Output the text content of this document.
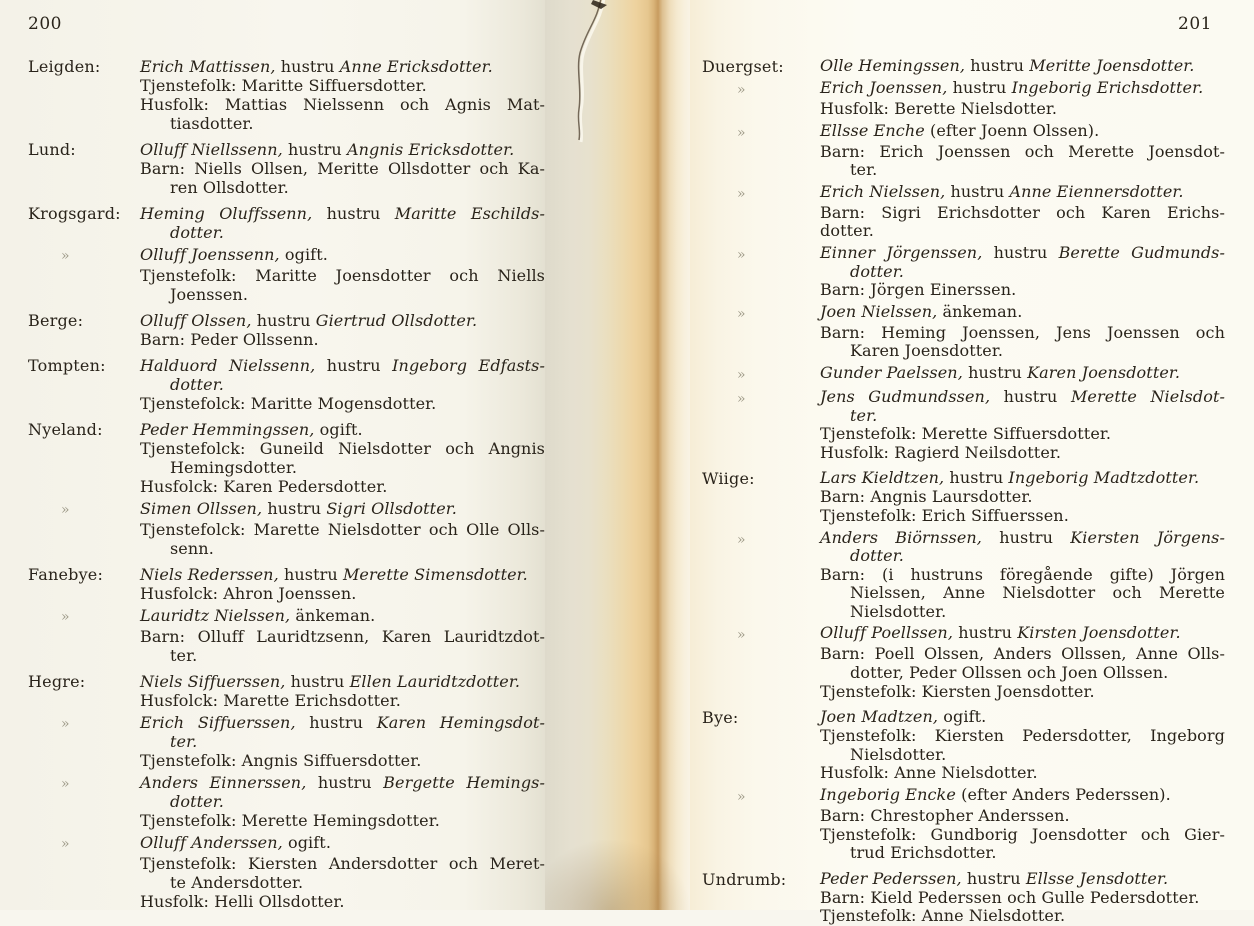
200
Leigden:	Erich Mattissen, hustru Anne Ericksdotter.
Tjenstefolk: Maritte Siffuersdotter.
Husfolk: Mattias Nielssenn och Agnis Mat-
tiasdotter.
Lund:	Olluff Niellssenn, hustru Angnis Ericksdotter.
Barn: Niells Ollsen, Meritte Ollsdotter och Ka-
ren Ollsdotter.
Krogsgard:	Heming Oluffssenn, hustru Maritte Eschilds-
dotter.
»	Olluff Joenssenn, ogift.
Tjenstefolk: Maritte Joensdotter och Niells
Joenssen.
Berge:	Olluff Olssen, hustru Giertrud Ollsdotter.
Barn: Peder Ollssenn.
Tompten:	Halduord Nielssenn, hustru Ingeborg Edfasts-
dotter.
Tjenstefolck: Maritte Mogensdotter.
Nyeland:	Peder Hemmingssen, ogift.
Tjenstefolck: Guneild Nielsdotter och Angnis
Hemingsdotter.
Husfolck: Karen Pedersdotter.
»	Simen Ollssen, hustru Sigri Ollsdotter.
Tjenstefolck: Marette Nielsdotter och Olle Olls-
senn.
Fanebye:	Niels Rederssen, hustru Merette Simensdotter.
Husfolck: Ahron Joenssen.
»	Lauridtz Nielssen, änkeman.
Barn: Olluff Lauridtzsenn, Karen Lauridtzdot-
ter.
Hegre:	Niels Siffuerssen, hustru Ellen Lauridtzdotter.
Husfolck: Marette Erichsdotter.
»	Erich Siffuerssen, hustru Karen Hemingsdot-
ter.
Tjenstefolk: Angnis Siffuersdotter.
»	Anders Einnerssen, hustru Bergette Hemings-
dotter.
Tjenstefolk: Merette Hemingsdotter.
»	Olluff Anderssen, ogift.
Tjenstefolk: Kiersten Andersdotter och Meret-
te Andersdotter.
Husfolk: Helli Ollsdotter.
201
Duergset:	Olle Hemingssen, hustru Meritte Joensdotter.
»	Erich Joenssen, hustru Ingeborig Erichsdotter.
Husfolk: Berette Nielsdotter.
»	Ellsse Enche (efter Joenn Olssen).
Barn: Erich Joenssen och Merette Joensdot-
ter.
»	Erich Nielssen, hustru Anne Eiennersdotter.
Barn: Sigri Erichsdotter och Karen Erichs-
dotter.
»	Einner Jörgenssen, hustru Berette Gudmunds-
dotter.
Barn: Jörgen Einerssen.
»	Joen Nielssen, änkeman.
Barn: Heming Joenssen, Jens Joenssen och
Karen Joensdotter.
»	Gunder Paelssen, hustru Karen Joensdotter.
»	Jens Gudmundssen, hustru Merette Nielsdot-
ter.
Tjenstefolk: Merette Siffuersdotter.
Husfolk: Ragierd Neilsdotter.
Wiige:	Lars Kieldtzen, hustru Ingeborig Madtzdotter.
Barn: Angnis Laursdotter.
Tjenstefolk: Erich Siffuerssen.
»	Anders Biörnssen, hustru Kiersten Jörgens-
dotter.
Barn: (i hustruns föregående gifte) Jörgen
Nielssen, Anne Nielsdotter och Merette
Nielsdotter.
»	Olluff Poellssen, hustru Kirsten Joensdotter.
Barn: Poell Olssen, Anders Ollssen, Anne Olls-
dotter, Peder Ollssen och Joen Ollssen.
Tjenstefolk: Kiersten Joensdotter.
Bye:	Joen Madtzen, ogift.
Tjenstefolk: Kiersten Pedersdotter, Ingeborg
Nielsdotter.
Husfolk: Anne Nielsdotter.
»	Ingeborig Encke (efter Anders Pederssen).
Barn: Chrestopher Anderssen.
Tjenstefolk: Gundborig Joensdotter och Gier-
trud Erichsdotter.
Undrumb:	Peder Pederssen, hustru Ellsse Jensdotter.
Barn: Kield Pederssen och Gulle Pedersdotter.
Tjenstefolk: Anne Nielsdotter.
